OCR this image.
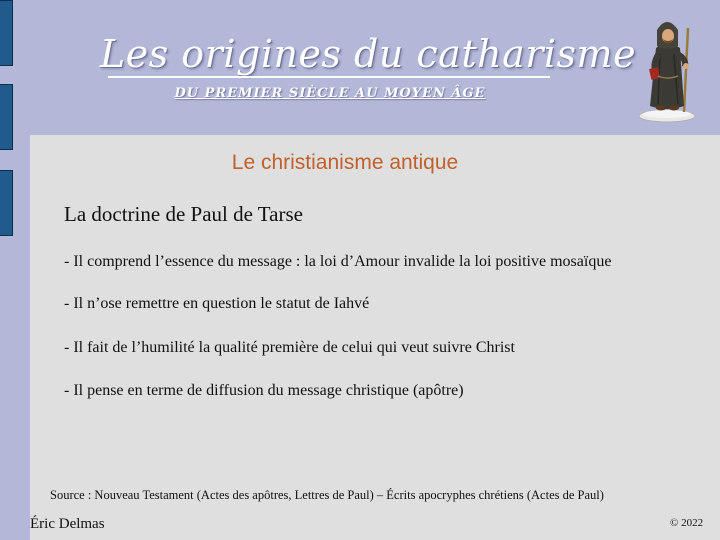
Les origines du catharisme
DU PREMIER SIÈCLE AU MOYEN ÂGE
Le christianisme antique
La doctrine de Paul de Tarse
- Il comprend l’essence du message : la loi d’Amour invalide la loi positive mosaïque
- Il n’ose remettre en question le statut de Iahvé
- Il fait de l’humilité la qualité première de celui qui veut suivre Christ
- Il pense en terme de diffusion du message christique (apôtre)
Source : Nouveau Testament (Actes des apôtres, Lettres de Paul) – Écrits apocryphes chrétiens (Actes de Paul)
Éric Delmas	© 2022
